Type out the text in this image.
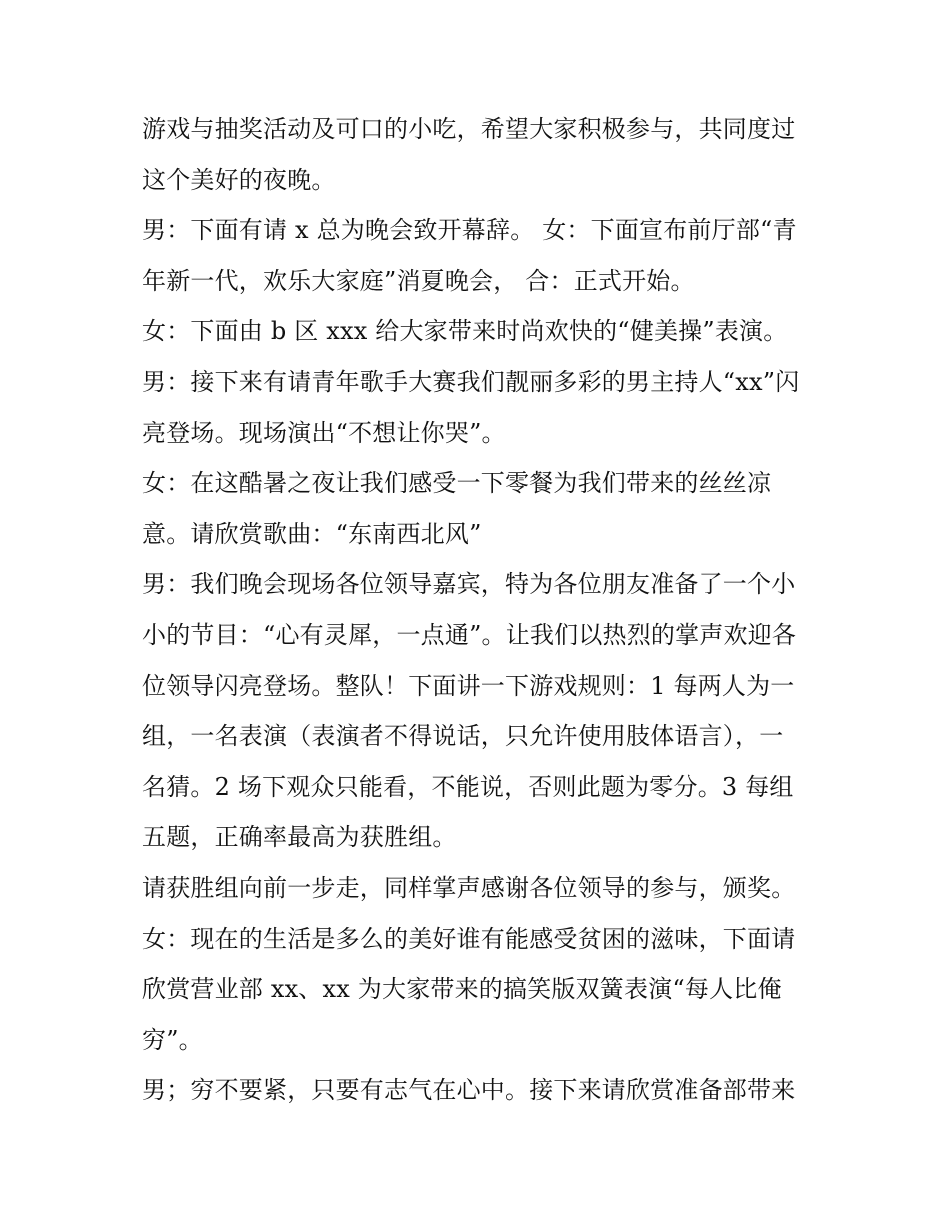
游戏与抽奖活动及可口的小吃，希望大家积极参与，共同度过
这个美好的夜晚。
男：下面有请 x 总为晚会致开幕辞。 女：下面宣布前厅部“青
年新一代，欢乐大家庭”消夏晚会， 合：正式开始。
女：下面由 b 区 xxx 给大家带来时尚欢快的“健美操”表演。
男：接下来有请青年歌手大赛我们靓丽多彩的男主持人“xx”闪
亮登场。现场演出“不想让你哭”。
女：在这酷暑之夜让我们感受一下零餐为我们带来的丝丝凉
意。请欣赏歌曲：“东南西北风”
男：我们晚会现场各位领导嘉宾，特为各位朋友准备了一个小
小的节目：“心有灵犀，一点通”。让我们以热烈的掌声欢迎各
位领导闪亮登场。整队！下面讲一下游戏规则：1 每两人为一
组，一名表演（表演者不得说话，只允许使用肢体语言），一
名猜。2 场下观众只能看，不能说，否则此题为零分。3 每组
五题，正确率最高为获胜组。
请获胜组向前一步走，同样掌声感谢各位领导的参与，颁奖。
女：现在的生活是多么的美好谁有能感受贫困的滋味，下面请
欣赏营业部 xx、xx 为大家带来的搞笑版双簧表演“每人比俺
穷”。
男；穷不要紧，只要有志气在心中。接下来请欣赏准备部带来
